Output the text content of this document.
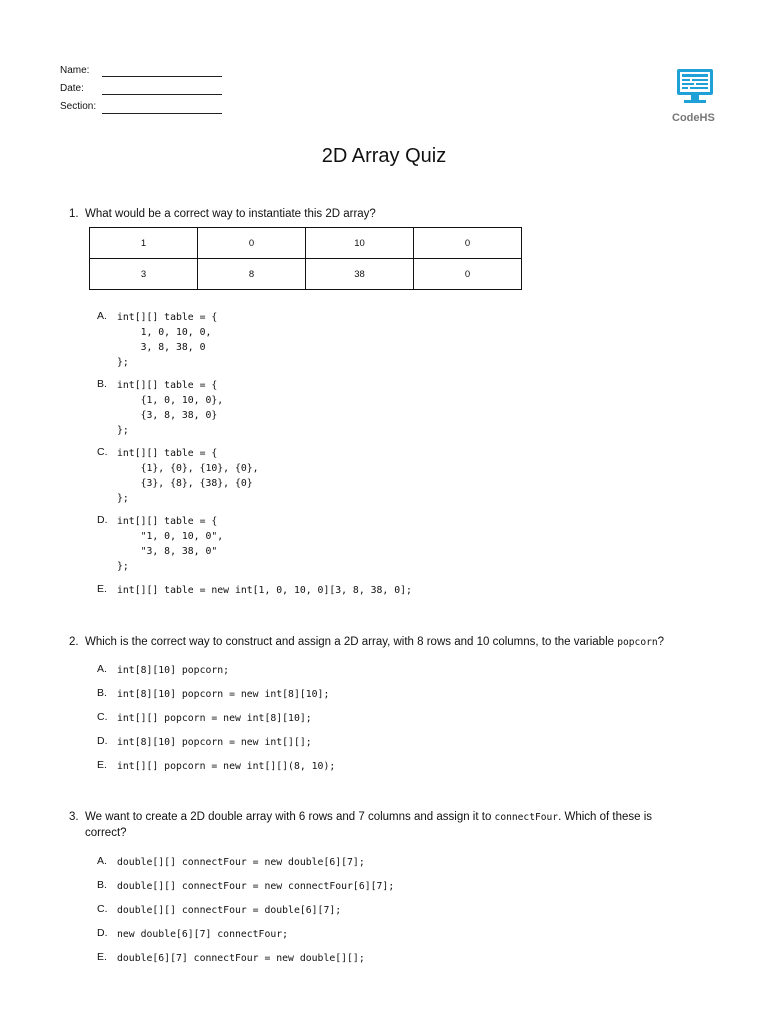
Name:
Date:
Section:
CodeHS
2D Array Quiz
1. What would be a correct way to instantiate this 2D array?
1	0	10	0
3	8	38	0
A. int[][] table = {
1, 0, 10, 0,
3, 8, 38, 0
};
B. int[][] table = {
{1, 0, 10, 0},
{3, 8, 38, 0}
};
C. int[][] table = {
{1}, {0}, {10}, {0},
{3}, {8}, {38}, {0}
};
D. int[][] table = {
"1, 0, 10, 0",
"3, 8, 38, 0"
};
E. int[][] table = new int[1, 0, 10, 0][3, 8, 38, 0];
2. Which is the correct way to construct and assign a 2D array, with 8 rows and 10 columns, to the variable popcorn?
A. int[8][10] popcorn;
B. int[8][10] popcorn = new int[8][10];
C. int[][] popcorn = new int[8][10];
D. int[8][10] popcorn = new int[][];
E. int[][] popcorn = new int[][](8, 10);
3. We want to create a 2D double array with 6 rows and 7 columns and assign it to connectFour. Which of these is
correct?
A. double[][] connectFour = new double[6][7];
B. double[][] connectFour = new connectFour[6][7];
C. double[][] connectFour = double[6][7];
D. new double[6][7] connectFour;
E. double[6][7] connectFour = new double[][];
